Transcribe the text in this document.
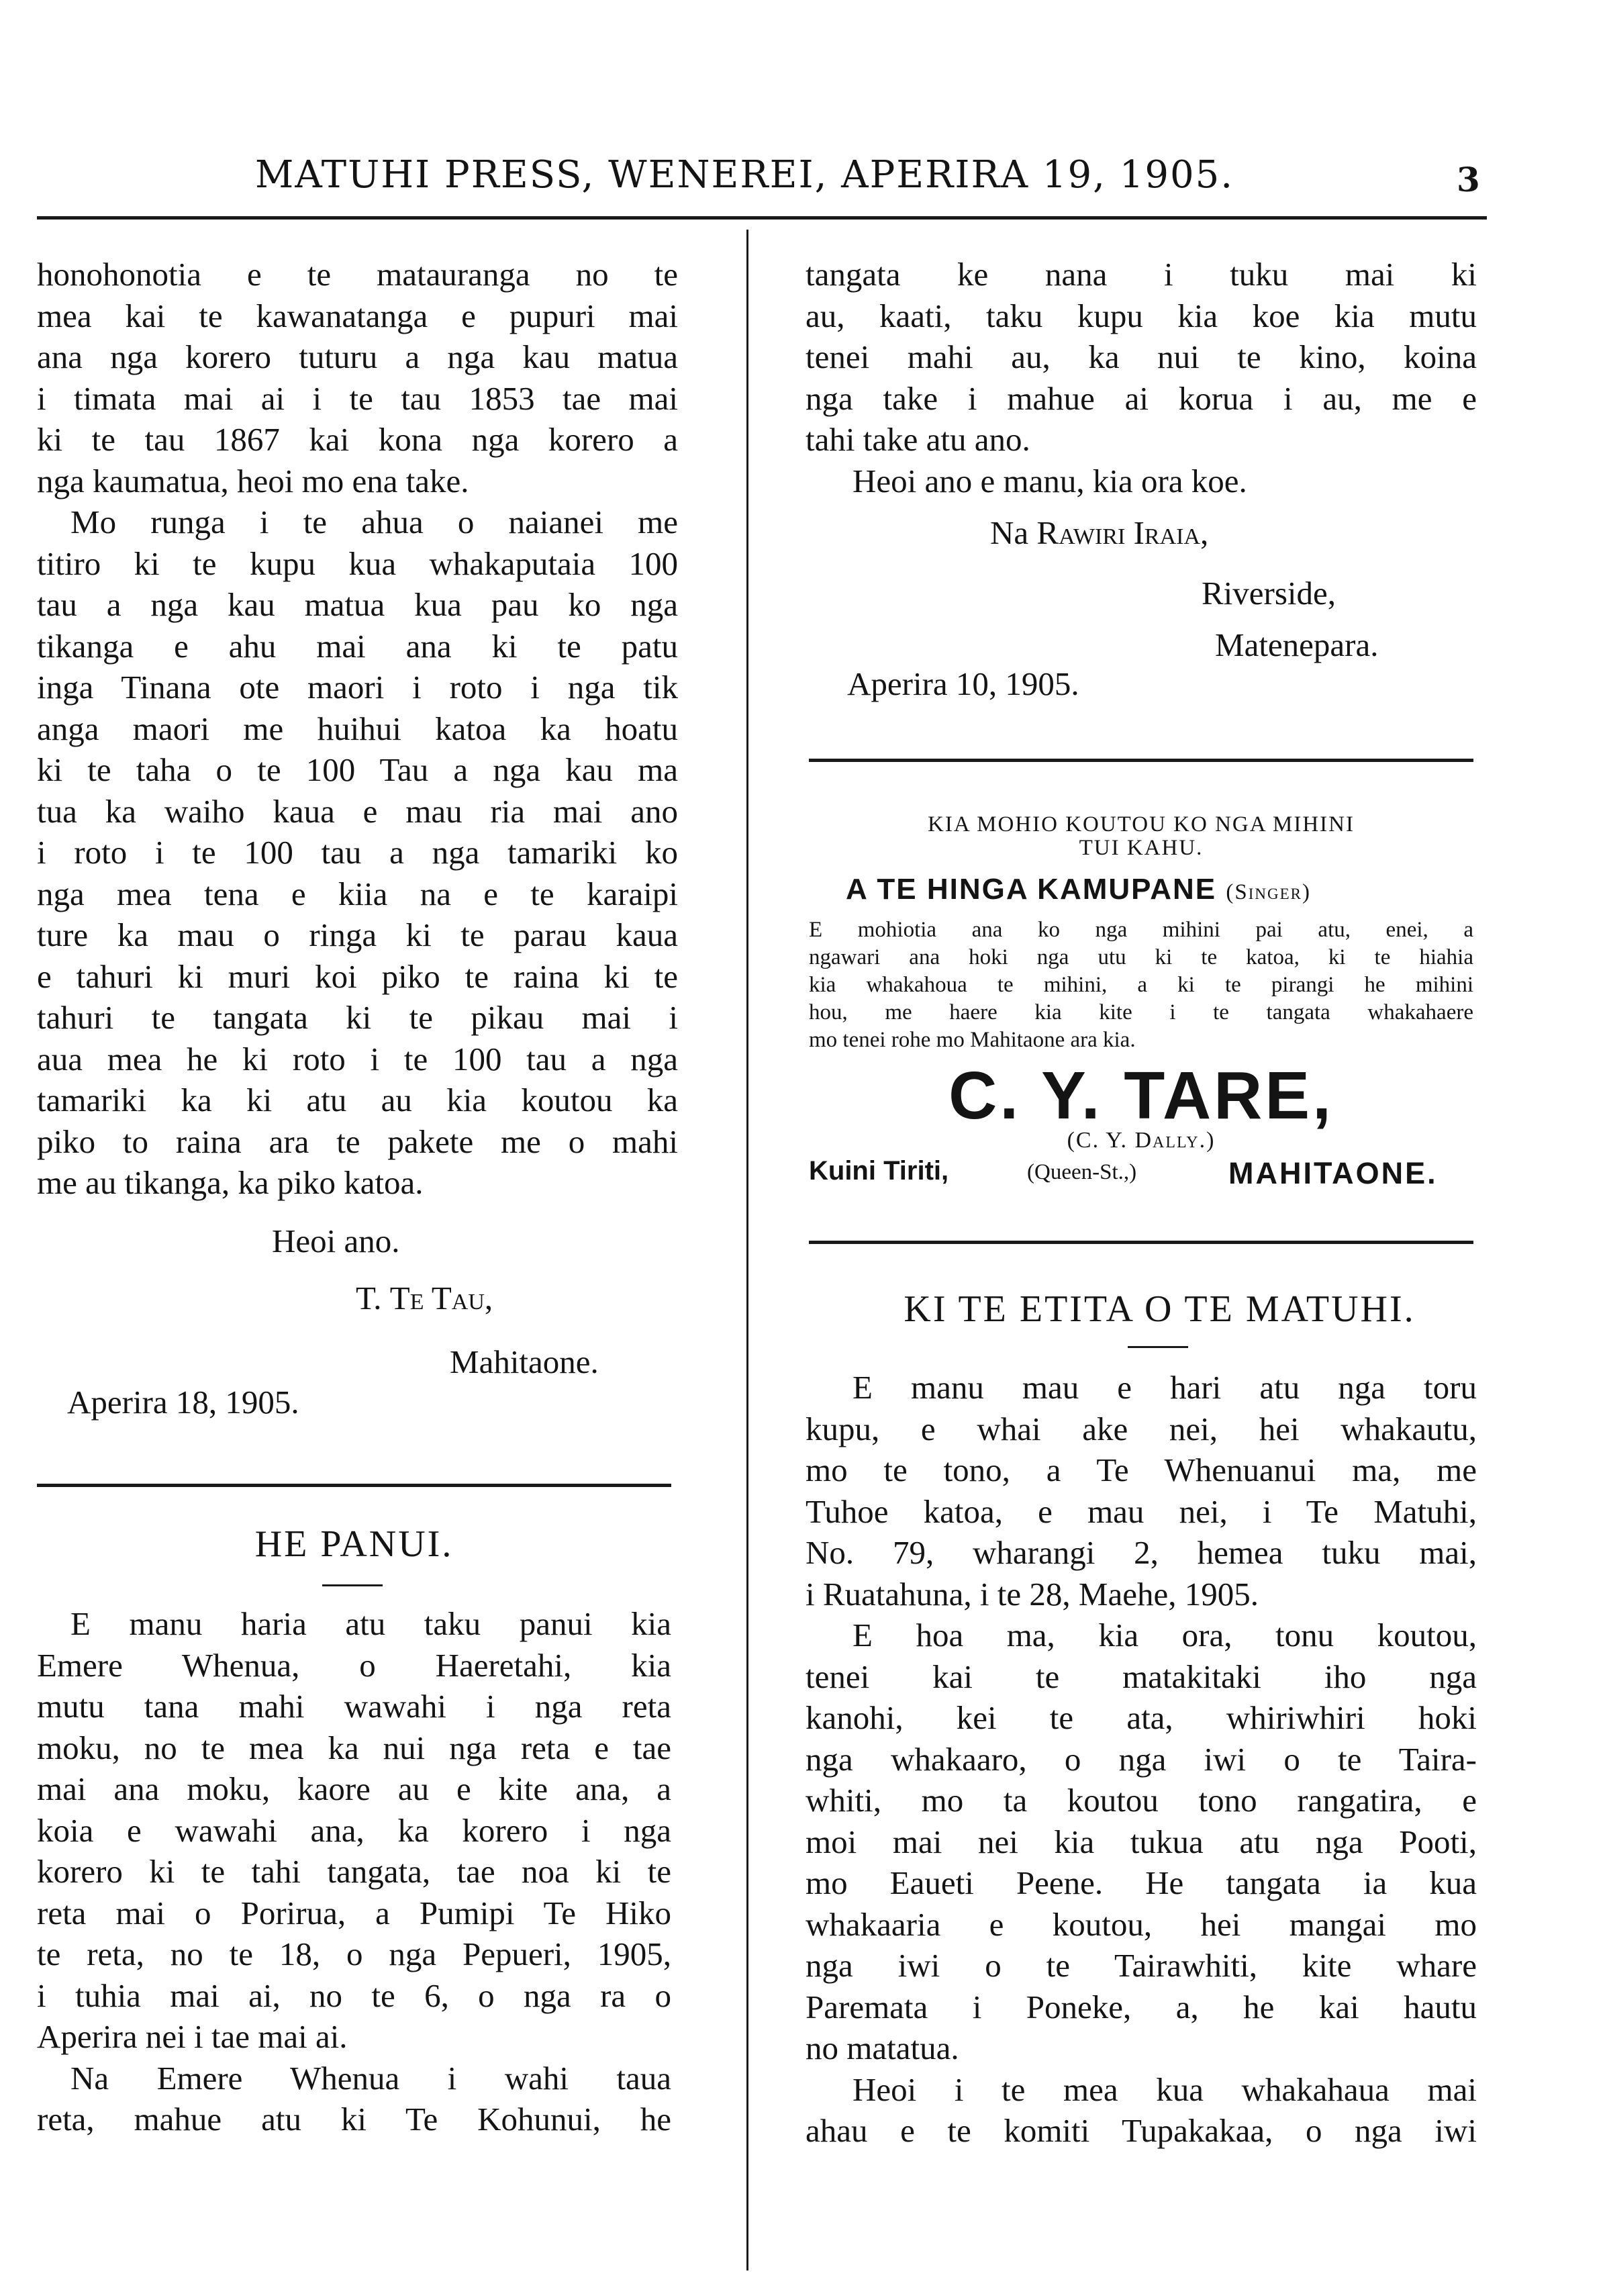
MATUHI PRESS, WENEREI, APERIRA 19, 1905.	3

honohonotia e te matauranga no te
mea kai te kawanatanga e pupuri mai
ana nga korero tuturu a nga kau matua
i timata mai ai i te tau 1853 tae mai
ki te tau 1867 kai kona nga korero a
nga kaumatua, heoi mo ena take.

Mo runga i te ahua o naianei me
titiro ki te kupu kua whakaputaia 100
tau a nga kau matua kua pau ko nga
tikanga e ahu mai ana ki te patu
inga Tinana ote maori i roto i nga tik
anga maori me huihui katoa ka hoatu
ki te taha o te 100 Tau a nga kau ma
tua ka waiho kaua e mau ria mai ano
i roto i te 100 tau a nga tamariki ko
nga mea tena e kiia na e te karaipi
ture ka mau o ringa ki te parau kaua
e tahuri ki muri koi piko te raina ki te
tahuri te tangata ki te pikau mai i
aua mea he ki roto i te 100 tau a nga
tamariki ka ki atu au kia koutou ka
piko to raina ara te pakete me o mahi
me au tikanga, ka piko katoa.

Heoi ano.
T. Te Tau,
Mahitaone.
Aperira 18, 1905.
HE PANUI.

E manu haria atu taku panui kia
Emere Whenua, o Haeretahi, kia
mutu tana mahi wawahi i nga reta
moku, no te mea ka nui nga reta e tae
mai ana moku, kaore au e kite ana, a
koia e wawahi ana, ka korero i nga
korero ki te tahi tangata, tae noa ki te
reta mai o Porirua, a Pumipi Te Hiko
te reta, no te 18, o nga Pepueri, 1905,
i tuhia mai ai, no te 6, o nga ra o
Aperira nei i tae mai ai.

Na Emere Whenua i wahi taua
reta, mahue atu ki Te Kohunui, he

tangata ke nana i tuku mai ki
au, kaati, taku kupu kia koe kia mutu
tenei mahi au, ka nui te kino, koina
nga take i mahue ai korua i au, me e
tahi take atu ano.

Heoi ano e manu, kia ora koe.

Na Rawiri Iraia,
Riverside,
Matenepara.
Aperira 10, 1905.
KIA MOHIO KOUTOU KO NGA MIHINI
TUI KAHU.
A TE HINGA KAMUPANE (Singer)
E mohiotia ana ko nga mihini pai atu, enei, a
ngawari ana hoki nga utu ki te katoa, ki te hiahia
kia whakahoua te mihini, a ki te pirangi he mihini
hou, me haere kia kite i te tangata whakahaere
mo tenei rohe mo Mahitaone ara kia.
C. Y. TARE,
(C. Y. Dally.)
Kuini Tiriti,	(Queen-St.,)	MAHITAONE.
KI TE ETITA O TE MATUHI.

E manu mau e hari atu nga toru
kupu, e whai ake nei, hei whakautu,
mo te tono, a Te Whenuanui ma, me
Tuhoe katoa, e mau nei, i Te Matuhi,
No. 79, wharangi 2, hemea tuku mai,
i Ruatahuna, i te 28, Maehe, 1905.

E hoa ma, kia ora, tonu koutou,
tenei kai te matakitaki iho nga
kanohi, kei te ata, whiriwhiri hoki
nga whakaaro, o nga iwi o te Taira-
whiti, mo ta koutou tono rangatira, e
moi mai nei kia tukua atu nga Pooti,
mo Eaueti Peene. He tangata ia kua
whakaaria e koutou, hei mangai mo
nga iwi o te Tairawhiti, kite whare
Paremata i Poneke, a, he kai hautu
no matatua.

Heoi i te mea kua whakahaua mai
ahau e te komiti Tupakakaa, o nga iwi
